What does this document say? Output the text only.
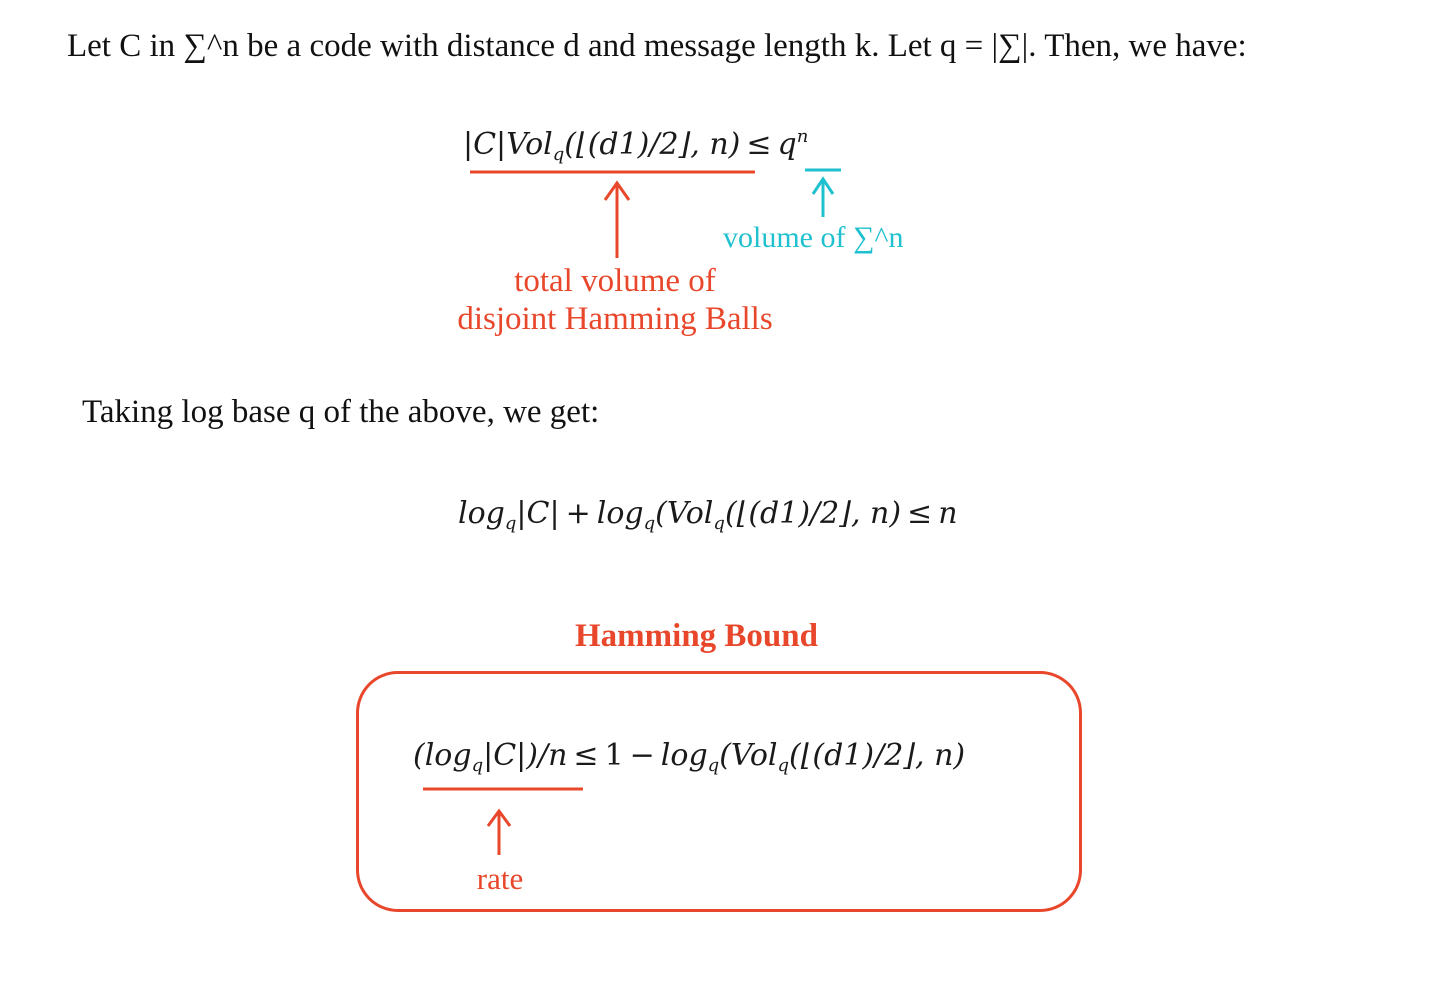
Let C in ∑^n be a code with distance d and message length k. Let q = |∑|. Then, we have:
|C|Vol$_q$(⌊(d1)/2⌋, $n) \le q^n$
total volume of
disjoint Hamming Balls
volume of ∑^n
Taking log base q of the above, we get:
$\log_q|C|$ + $\log_q(Vol_q(⌊(d1)/2⌋$, n) ≤ n
Hamming Bound
$(\log_q|C|)/n \le 1$ − $\log_q(Vol_q(⌊(d1)/2⌋$, n)
rate
